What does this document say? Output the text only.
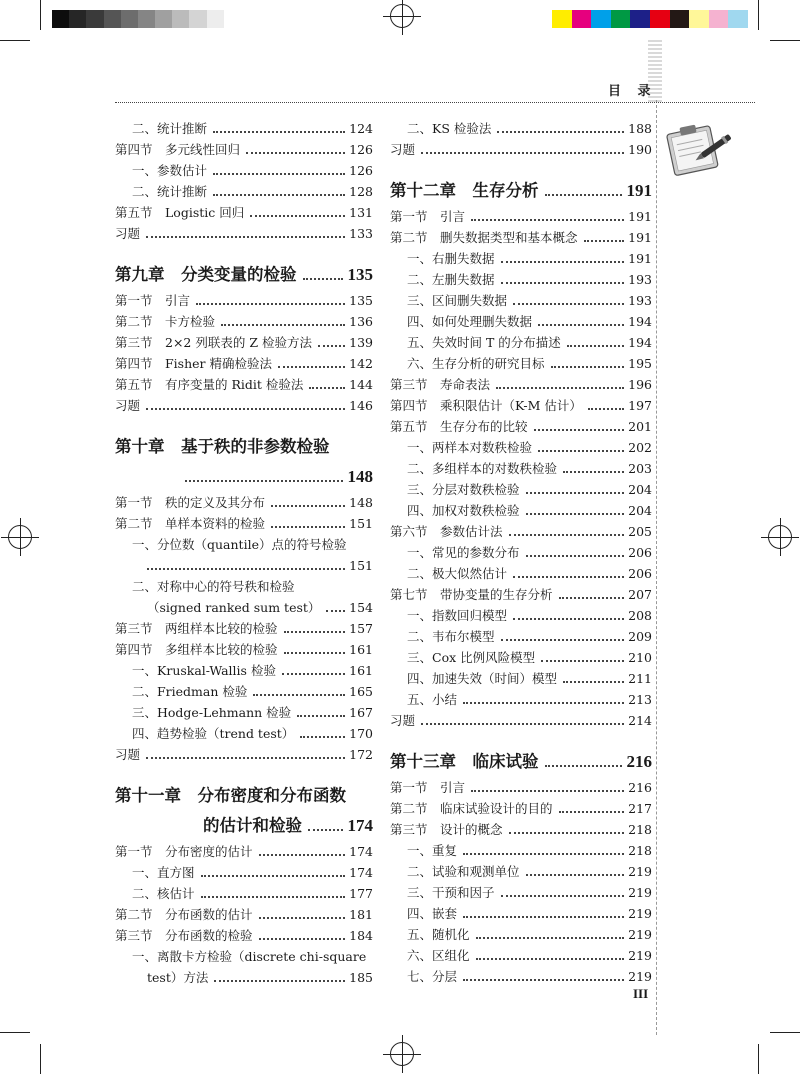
目 录
二、统计推断	124
第四节　多元线性回归	126
一、参数估计	126
二、统计推断	128
第五节　Logistic 回归	131
习题	133
第九章　分类变量的检验	135
第一节　引言	135
第二节　卡方检验	136
第三节　2×2 列联表的 Z 检验方法	139
第四节　Fisher 精确检验法	142
第五节　有序变量的 Ridit 检验法	144
习题	146
第十章　基于秩的非参数检验
148
第一节　秩的定义及其分布	148
第二节　单样本资料的检验	151
一、分位数（quantile）点的符号检验
151
二、对称中心的符号秩和检验
（signed ranked sum test） 154
第三节　两组样本比较的检验	157
第四节　多组样本比较的检验	161
一、Kruskal-Wallis 检验	161
二、Friedman 检验	165
三、Hodge-Lehmann 检验	167
四、趋势检验（trend test）	170
习题	172
第十一章　分布密度和分布函数
的估计和检验	174
第一节　分布密度的估计	174
一、直方图	174
二、核估计	177
第二节　分布函数的估计	181
第三节　分布函数的检验	184
一、离散卡方检验（discrete chi-square
test）方法	185
二、KS 检验法	188
习题	190
第十二章　生存分析	191
第一节　引言	191
第二节　删失数据类型和基本概念	191
一、右删失数据	191
二、左删失数据	193
三、区间删失数据	193
四、如何处理删失数据	194
五、失效时间 T 的分布描述	194
六、生存分析的研究目标	195
第三节　寿命表法	196
第四节　乘积限估计（K-M 估计）	197
第五节　生存分布的比较	201
一、两样本对数秩检验	202
二、多组样本的对数秩检验	203
三、分层对数秩检验	204
四、加权对数秩检验	204
第六节　参数估计法	205
一、常见的参数分布	206
二、极大似然估计	206
第七节　带协变量的生存分析	207
一、指数回归模型	208
二、韦布尔模型	209
三、Cox 比例风险模型	210
四、加速失效（时间）模型	211
五、小结	213
习题	214
第十三章　临床试验	216
第一节　引言	216
第二节　临床试验设计的目的	217
第三节　设计的概念	218
一、重复	218
二、试验和观测单位	219
三、干预和因子	219
四、嵌套	219
五、随机化	219
六、区组化	219
七、分层	219
III
